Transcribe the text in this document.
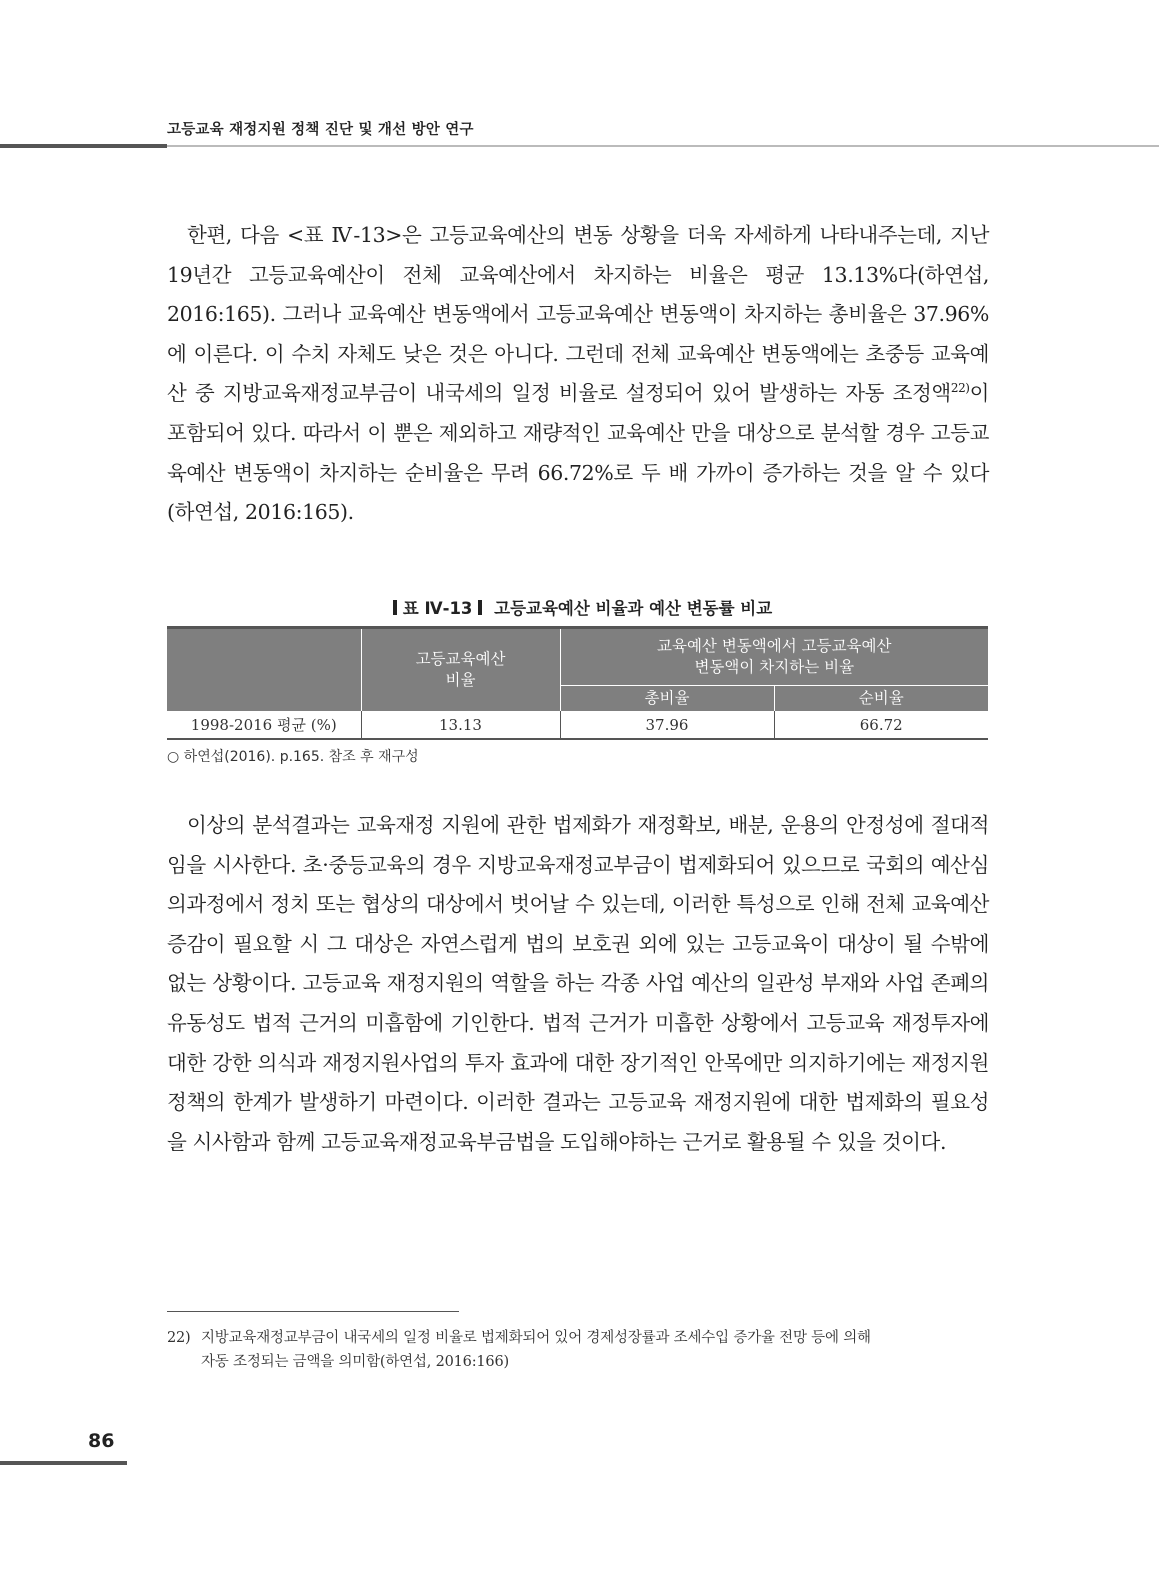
고등교육 재정지원 정책 진단 및 개선 방안 연구

한편, 다음 <표 Ⅳ-13>은 고등교육예산의 변동 상황을 더욱 자세하게 나타내주는데, 지난 19년간 고등교육예산이 전체 교육예산에서 차지하는 비율은 평균 13.13%다(하연섭, 2016:165). 그러나 교육예산 변동액에서 고등교육예산 변동액이 차지하는 총비율은 37.96%에 이른다. 이 수치 자체도 낮은 것은 아니다. 그런데 전체 교육예산 변동액에는 초중등 교육예산 중 지방교육재정교부금이 내국세의 일정 비율로 설정되어 있어 발생하는 자동 조정액$^{22)}$이 포함되어 있다. 따라서 이 뿐은 제외하고 재량적인 교육예산 만을 대상으로 분석할 경우 고등교육예산 변동액이 차지하는 순비율은 무려 66.72%로 두 배 가까이 증가하는 것을 알 수 있다(하연섭, 2016:165).

표 Ⅳ-13 고등교육예산 비율과 예산 변동률 비교
	고등교육예산
비율	교육예산 변동액에서 고등교육예산
변동액이 차지하는 비율	
		총비율	순비율
1998-2016 평균 (%)	13.13	37.96	66.72
○ 하연섭(2016). p.165. 참조 후 재구성

이상의 분석결과는 교육재정 지원에 관한 법제화가 재정확보, 배분, 운용의 안정성에 절대적임을 시사한다. 초·중등교육의 경우 지방교육재정교부금이 법제화되어 있으므로 국회의 예산심의과정에서 정치 또는 협상의 대상에서 벗어날 수 있는데, 이러한 특성으로 인해 전체 교육예산 증감이 필요할 시 그 대상은 자연스럽게 법의 보호권 외에 있는 고등교육이 대상이 될 수밖에 없는 상황이다. 고등교육 재정지원의 역할을 하는 각종 사업 예산의 일관성 부재와 사업 존폐의 유동성도 법적 근거의 미흡함에 기인한다. 법적 근거가 미흡한 상황에서 고등교육 재정투자에 대한 강한 의식과 재정지원사업의 투자 효과에 대한 장기적인 안목에만 의지하기에는 재정지원정책의 한계가 발생하기 마련이다. 이러한 결과는 고등교육 재정지원에 대한 법제화의 필요성을 시사함과 함께 고등교육재정교육부금법을 도입해야하는 근거로 활용될 수 있을 것이다.

22) 지방교육재정교부금이 내국세의 일정 비율로 법제화되어 있어 경제성장률과 조세수입 증가율 전망 등에 의해
자동 조정되는 금액을 의미함(하연섭, 2016:166)
86
